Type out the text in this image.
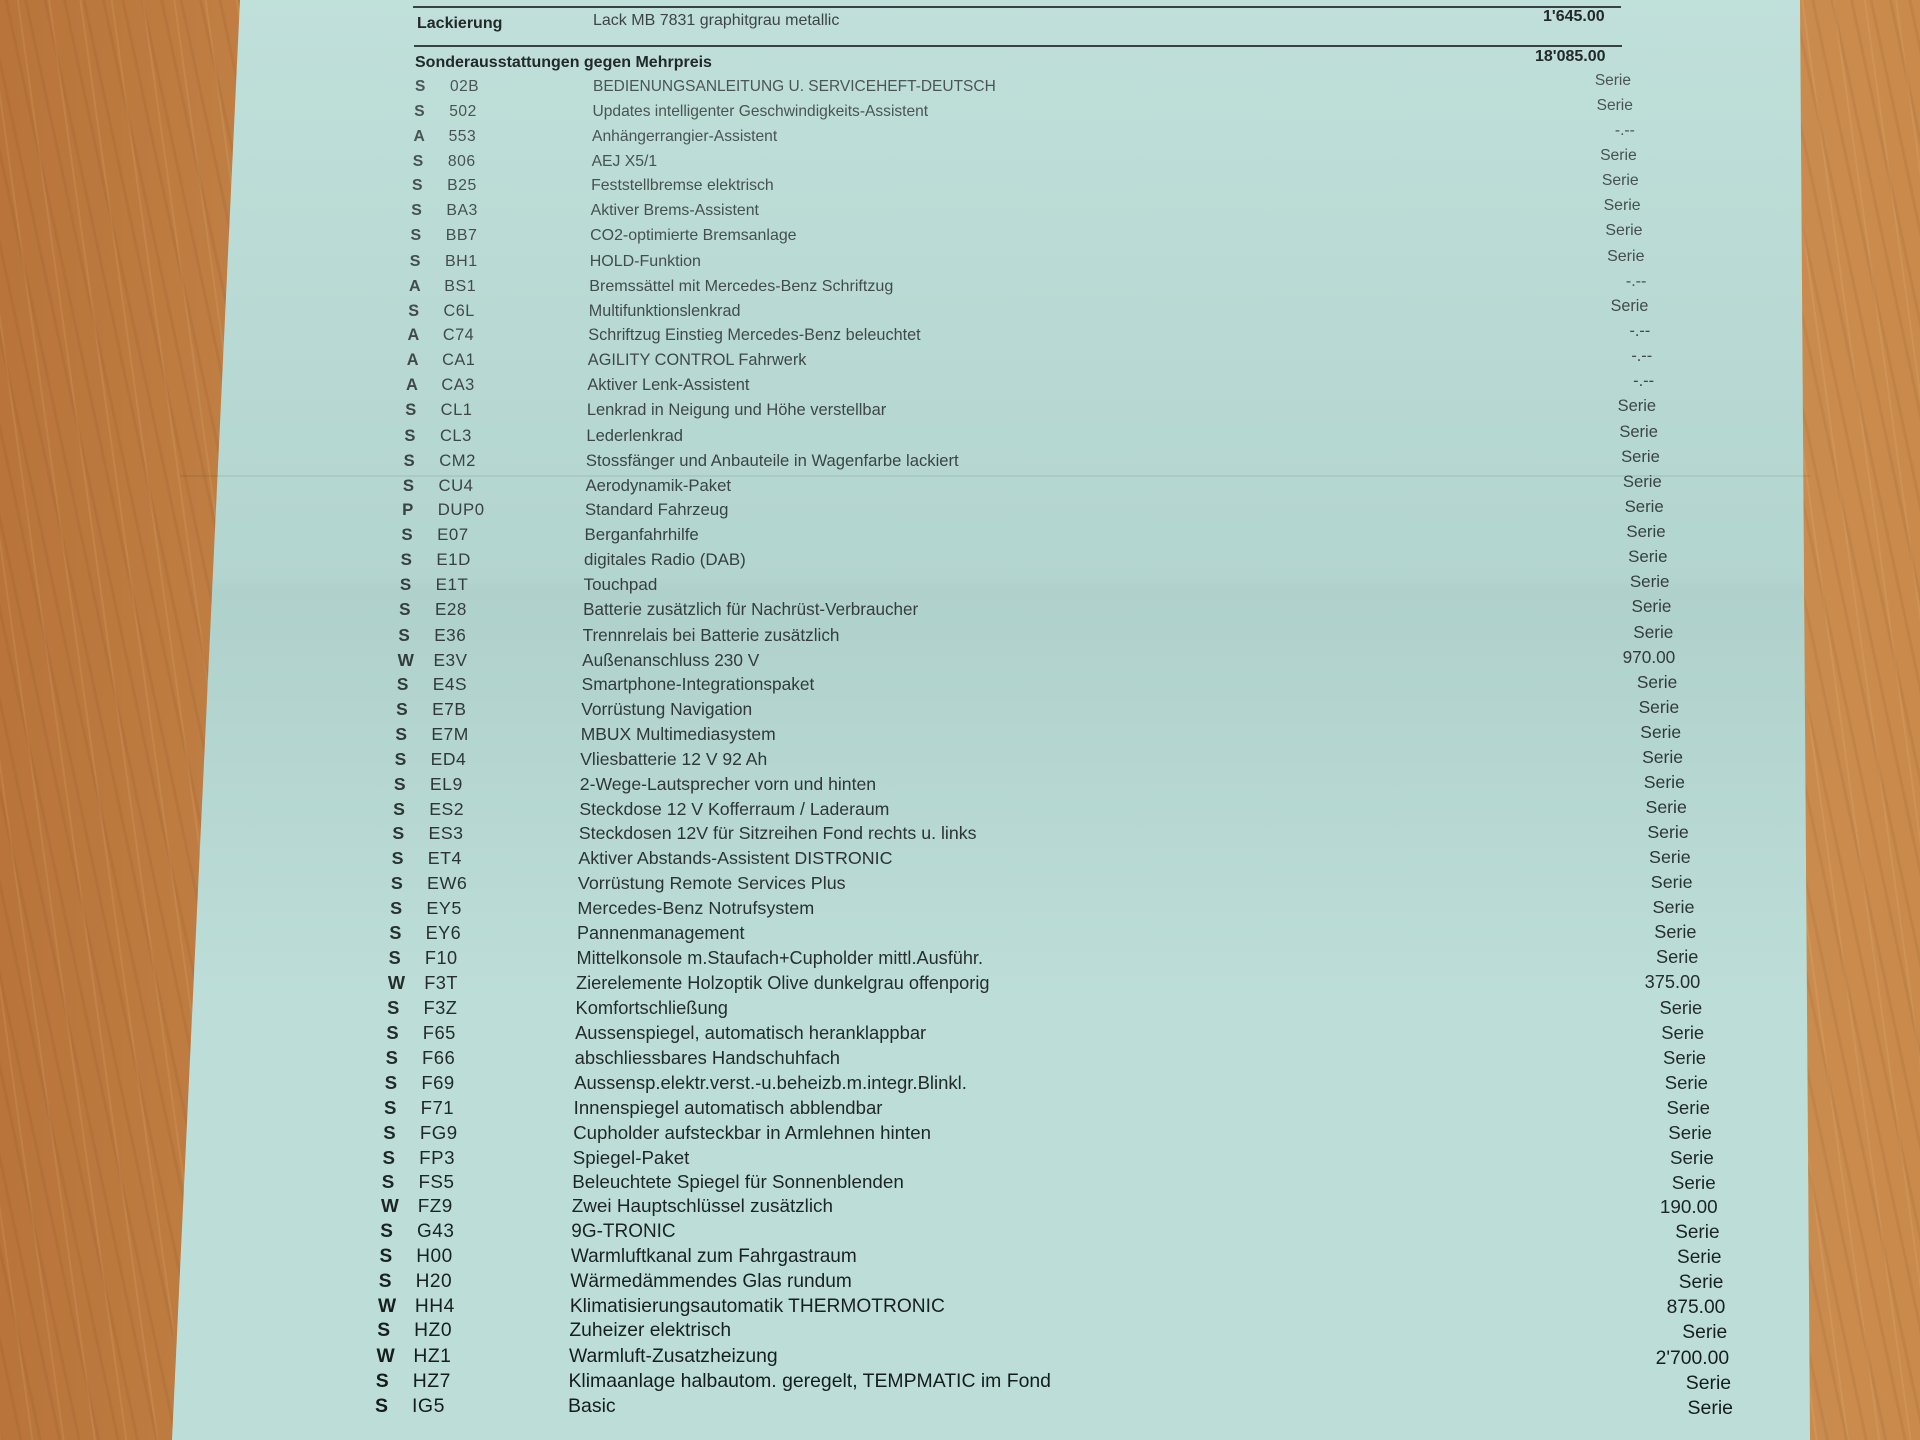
Lackierung	Lack MB 7831 graphitgrau metallic	1'645.00
Sonderausstattungen gegen Mehrpreis	18'085.00
S 02B	BEDIENUNGSANLEITUNG U. SERVICEHEFT-DEUTSCH	Serie
S 502	Updates intelligenter Geschwindigkeits-Assistent	Serie
A 553	Anhängerrangier-Assistent	-.--
S 806	AEJ X5/1	Serie
S B25	Feststellbremse elektrisch	Serie
S BA3	Aktiver Brems-Assistent	Serie
S BB7	CO2-optimierte Bremsanlage	Serie
S BH1	HOLD-Funktion	Serie
A BS1	Bremssättel mit Mercedes-Benz Schriftzug	-.--
S C6L	Multifunktionslenkrad	Serie
A C74	Schriftzug Einstieg Mercedes-Benz beleuchtet	-.--
A CA1	AGILITY CONTROL Fahrwerk	-.--
A CA3	Aktiver Lenk-Assistent	-.--
S CL1	Lenkrad in Neigung und Höhe verstellbar	Serie
S CL3	Lederlenkrad	Serie
S CM2	Stossfänger und Anbauteile in Wagenfarbe lackiert	Serie
S CU4	Aerodynamik-Paket	Serie
P DUP0	Standard Fahrzeug	Serie
S E07	Berganfahrhilfe	Serie
S E1D	digitales Radio (DAB)	Serie
S E1T	Touchpad	Serie
S E28	Batterie zusätzlich für Nachrüst-Verbraucher	Serie
S E36	Trennrelais bei Batterie zusätzlich	Serie
W E3V	Außenanschluss 230 V	970.00
S E4S	Smartphone-Integrationspaket	Serie
S E7B	Vorrüstung Navigation	Serie
S E7M	MBUX Multimediasystem	Serie
S ED4	Vliesbatterie 12 V 92 Ah	Serie
S EL9	2-Wege-Lautsprecher vorn und hinten	Serie
S ES2	Steckdose 12 V Kofferraum / Laderaum	Serie
S ES3	Steckdosen 12V für Sitzreihen Fond rechts u. links	Serie
S ET4	Aktiver Abstands-Assistent DISTRONIC	Serie
S EW6	Vorrüstung Remote Services Plus	Serie
S EY5	Mercedes-Benz Notrufsystem	Serie
S EY6	Pannenmanagement	Serie
S F10	Mittelkonsole m.Staufach+Cupholder mittl.Ausführ.	Serie
W F3T	Zierelemente Holzoptik Olive dunkelgrau offenporig	375.00
S F3Z	Komfortschließung	Serie
S F65	Aussenspiegel, automatisch heranklappbar	Serie
S F66	abschliessbares Handschuhfach	Serie
S F69	Aussensp.elektr.verst.-u.beheizb.m.integr.Blinkl.	Serie
S F71	Innenspiegel automatisch abblendbar	Serie
S FG9	Cupholder aufsteckbar in Armlehnen hinten	Serie
S FP3	Spiegel-Paket	Serie
S FS5	Beleuchtete Spiegel für Sonnenblenden	Serie
W FZ9	Zwei Hauptschlüssel zusätzlich	190.00
S G43	9G-TRONIC	Serie
S H00	Warmluftkanal zum Fahrgastraum	Serie
S H20	Wärmedämmendes Glas rundum	Serie
W HH4	Klimatisierungsautomatik THERMOTRONIC	875.00
S HZ0	Zuheizer elektrisch	Serie
W HZ1	Warmluft-Zusatzheizung	2'700.00
S HZ7	Klimaanlage halbautom. geregelt, TEMPMATIC im Fond	Serie
S IG5	Basic	Serie
